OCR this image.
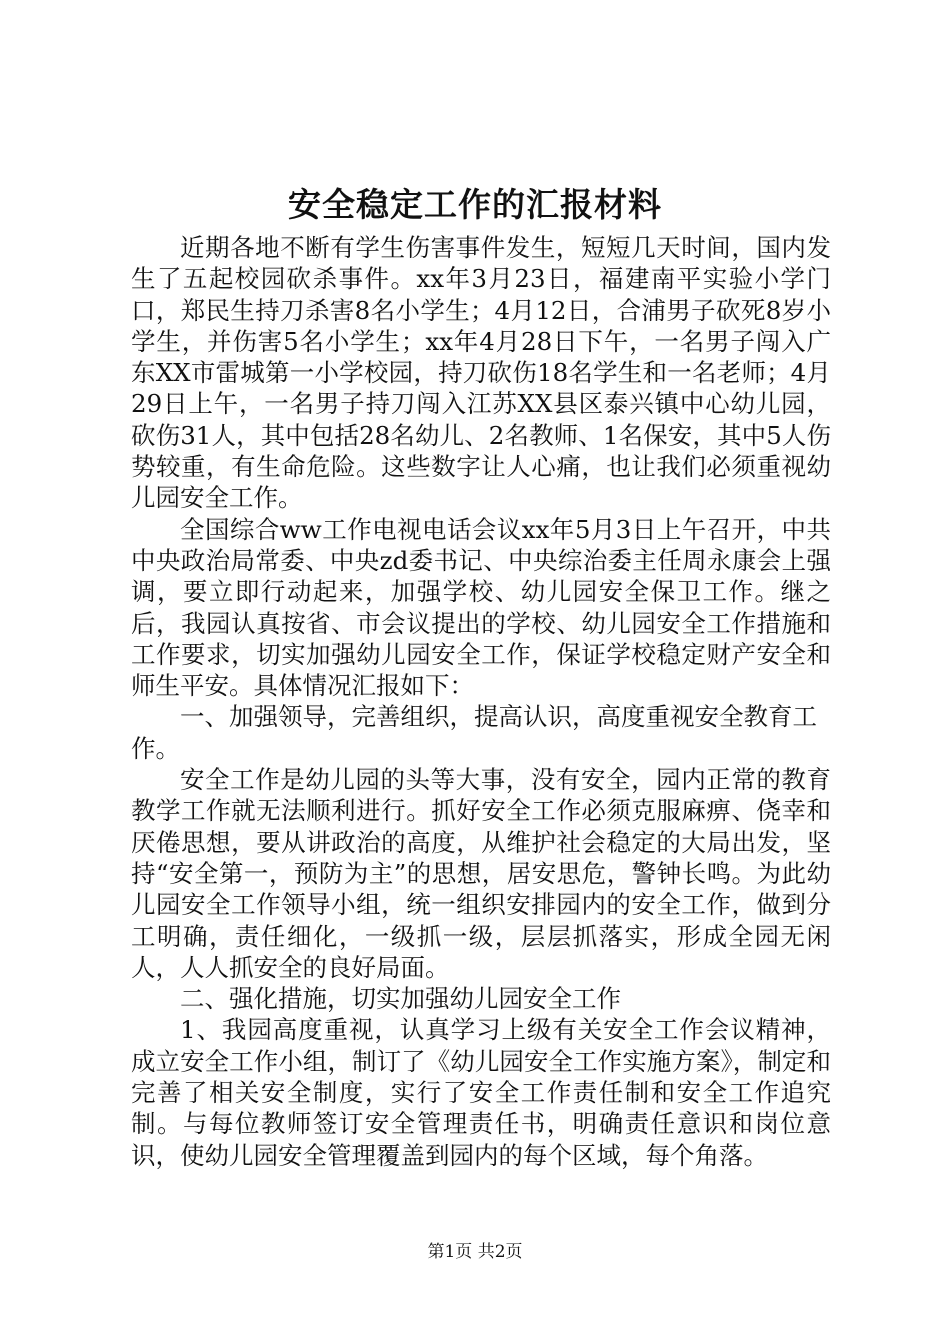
安全稳定工作的汇报材料

近期各地不断有学生伤害事件发生，短短几天时间，国内发生了五起校园砍杀事件。xx年3月23日，福建南平实验小学门口，郑民生持刀杀害8名小学生；4月12日，合浦男子砍死8岁小学生，并伤害5名小学生；xx年4月28日下午，一名男子闯入广东XX市雷城第一小学校园，持刀砍伤18名学生和一名老师；4月29日上午，一名男子持刀闯入江苏XX县区泰兴镇中心幼儿园，砍伤31人，其中包括28名幼儿、2名教师、1名保安，其中5人伤势较重，有生命危险。这些数字让人心痛，也让我们必须重视幼儿园安全工作。

全国综合ww工作电视电话会议xx年5月3日上午召开，中共中央政治局常委、中央zd委书记、中央综治委主任周永康会上强调，要立即行动起来，加强学校、幼儿园安全保卫工作。继之后，我园认真按省、市会议提出的学校、幼儿园安全工作措施和工作要求，切实加强幼儿园安全工作，保证学校稳定财产安全和师生平安。具体情况汇报如下：

一、加强领导，完善组织，提高认识，高度重视安全教育工作。

安全工作是幼儿园的头等大事，没有安全，园内正常的教育教学工作就无法顺利进行。抓好安全工作必须克服麻痹、侥幸和厌倦思想，要从讲政治的高度，从维护社会稳定的大局出发，坚持“安全第一，预防为主”的思想，居安思危，警钟长鸣。为此幼儿园安全工作领导小组，统一组织安排园内的安全工作，做到分工明确，责任细化，一级抓一级，层层抓落实，形成全园无闲人，人人抓安全的良好局面。

二、强化措施，切实加强幼儿园安全工作

1、我园高度重视，认真学习上级有关安全工作会议精神，成立安全工作小组，制订了《幼儿园安全工作实施方案》，制定和完善了相关安全制度，实行了安全工作责任制和安全工作追究制。与每位教师签订安全管理责任书，明确责任意识和岗位意识，使幼儿园安全管理覆盖到园内的每个区域，每个角落。

第1页 共2页
